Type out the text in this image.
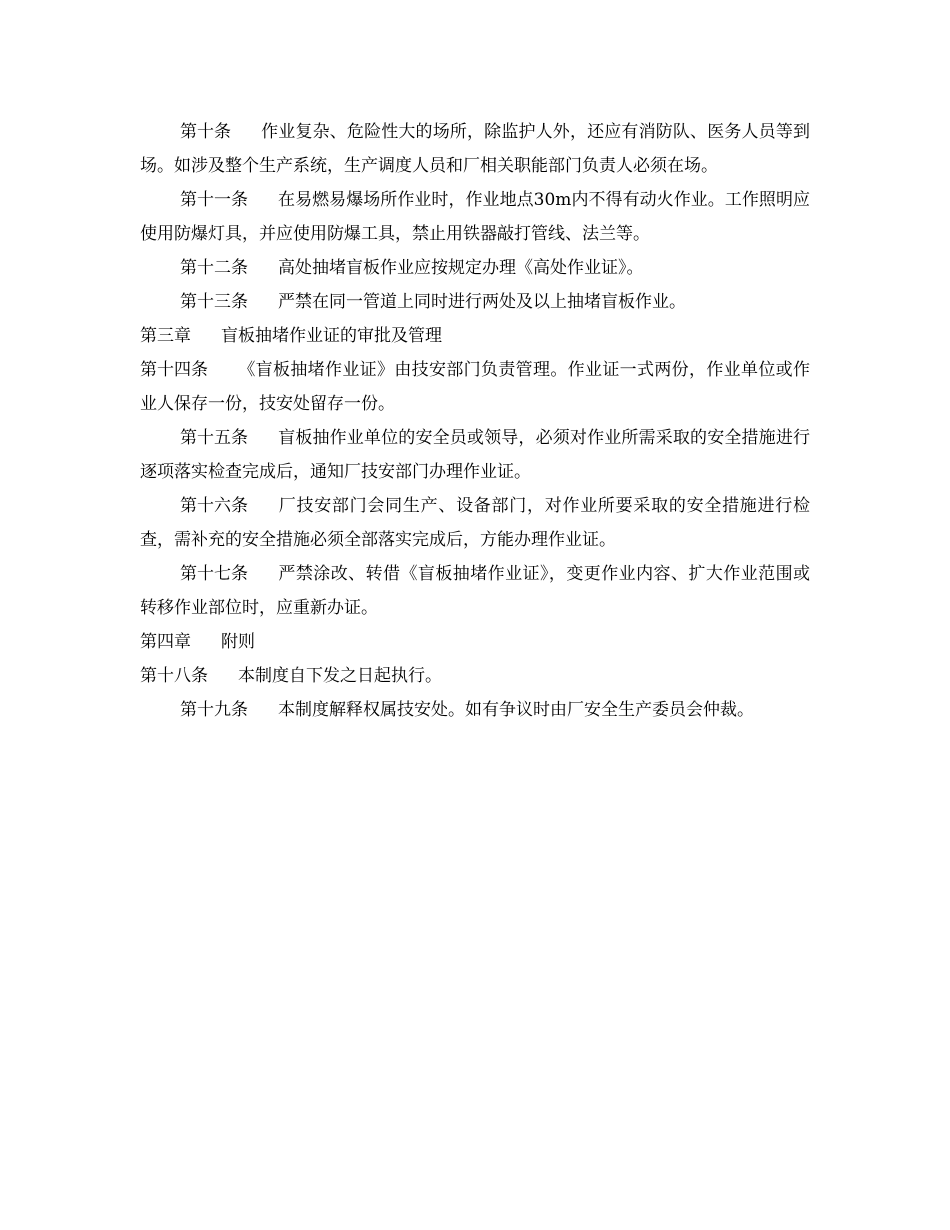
第十条 作业复杂、危险性大的场所，除监护人外，还应有消防队、医务人员等到场。如涉及整个生产系统，生产调度人员和厂相关职能部门负责人必须在场。

第十一条 在易燃易爆场所作业时，作业地点30m内不得有动火作业。工作照明应使用防爆灯具，并应使用防爆工具，禁止用铁器敲打管线、法兰等。

第十二条 高处抽堵盲板作业应按规定办理《高处作业证》。

第十三条 严禁在同一管道上同时进行两处及以上抽堵盲板作业。

第三章 盲板抽堵作业证的审批及管理

第十四条 《盲板抽堵作业证》由技安部门负责管理。作业证一式两份，作业单位或作业人保存一份，技安处留存一份。

第十五条 盲板抽作业单位的安全员或领导，必须对作业所需采取的安全措施进行逐项落实检查完成后，通知厂技安部门办理作业证。

第十六条 厂技安部门会同生产、设备部门，对作业所要采取的安全措施进行检查，需补充的安全措施必须全部落实完成后，方能办理作业证。

第十七条 严禁涂改、转借《盲板抽堵作业证》，变更作业内容、扩大作业范围或转移作业部位时，应重新办证。

第四章 附则

第十八条 本制度自下发之日起执行。

第十九条 本制度解释权属技安处。如有争议时由厂安全生产委员会仲裁。
